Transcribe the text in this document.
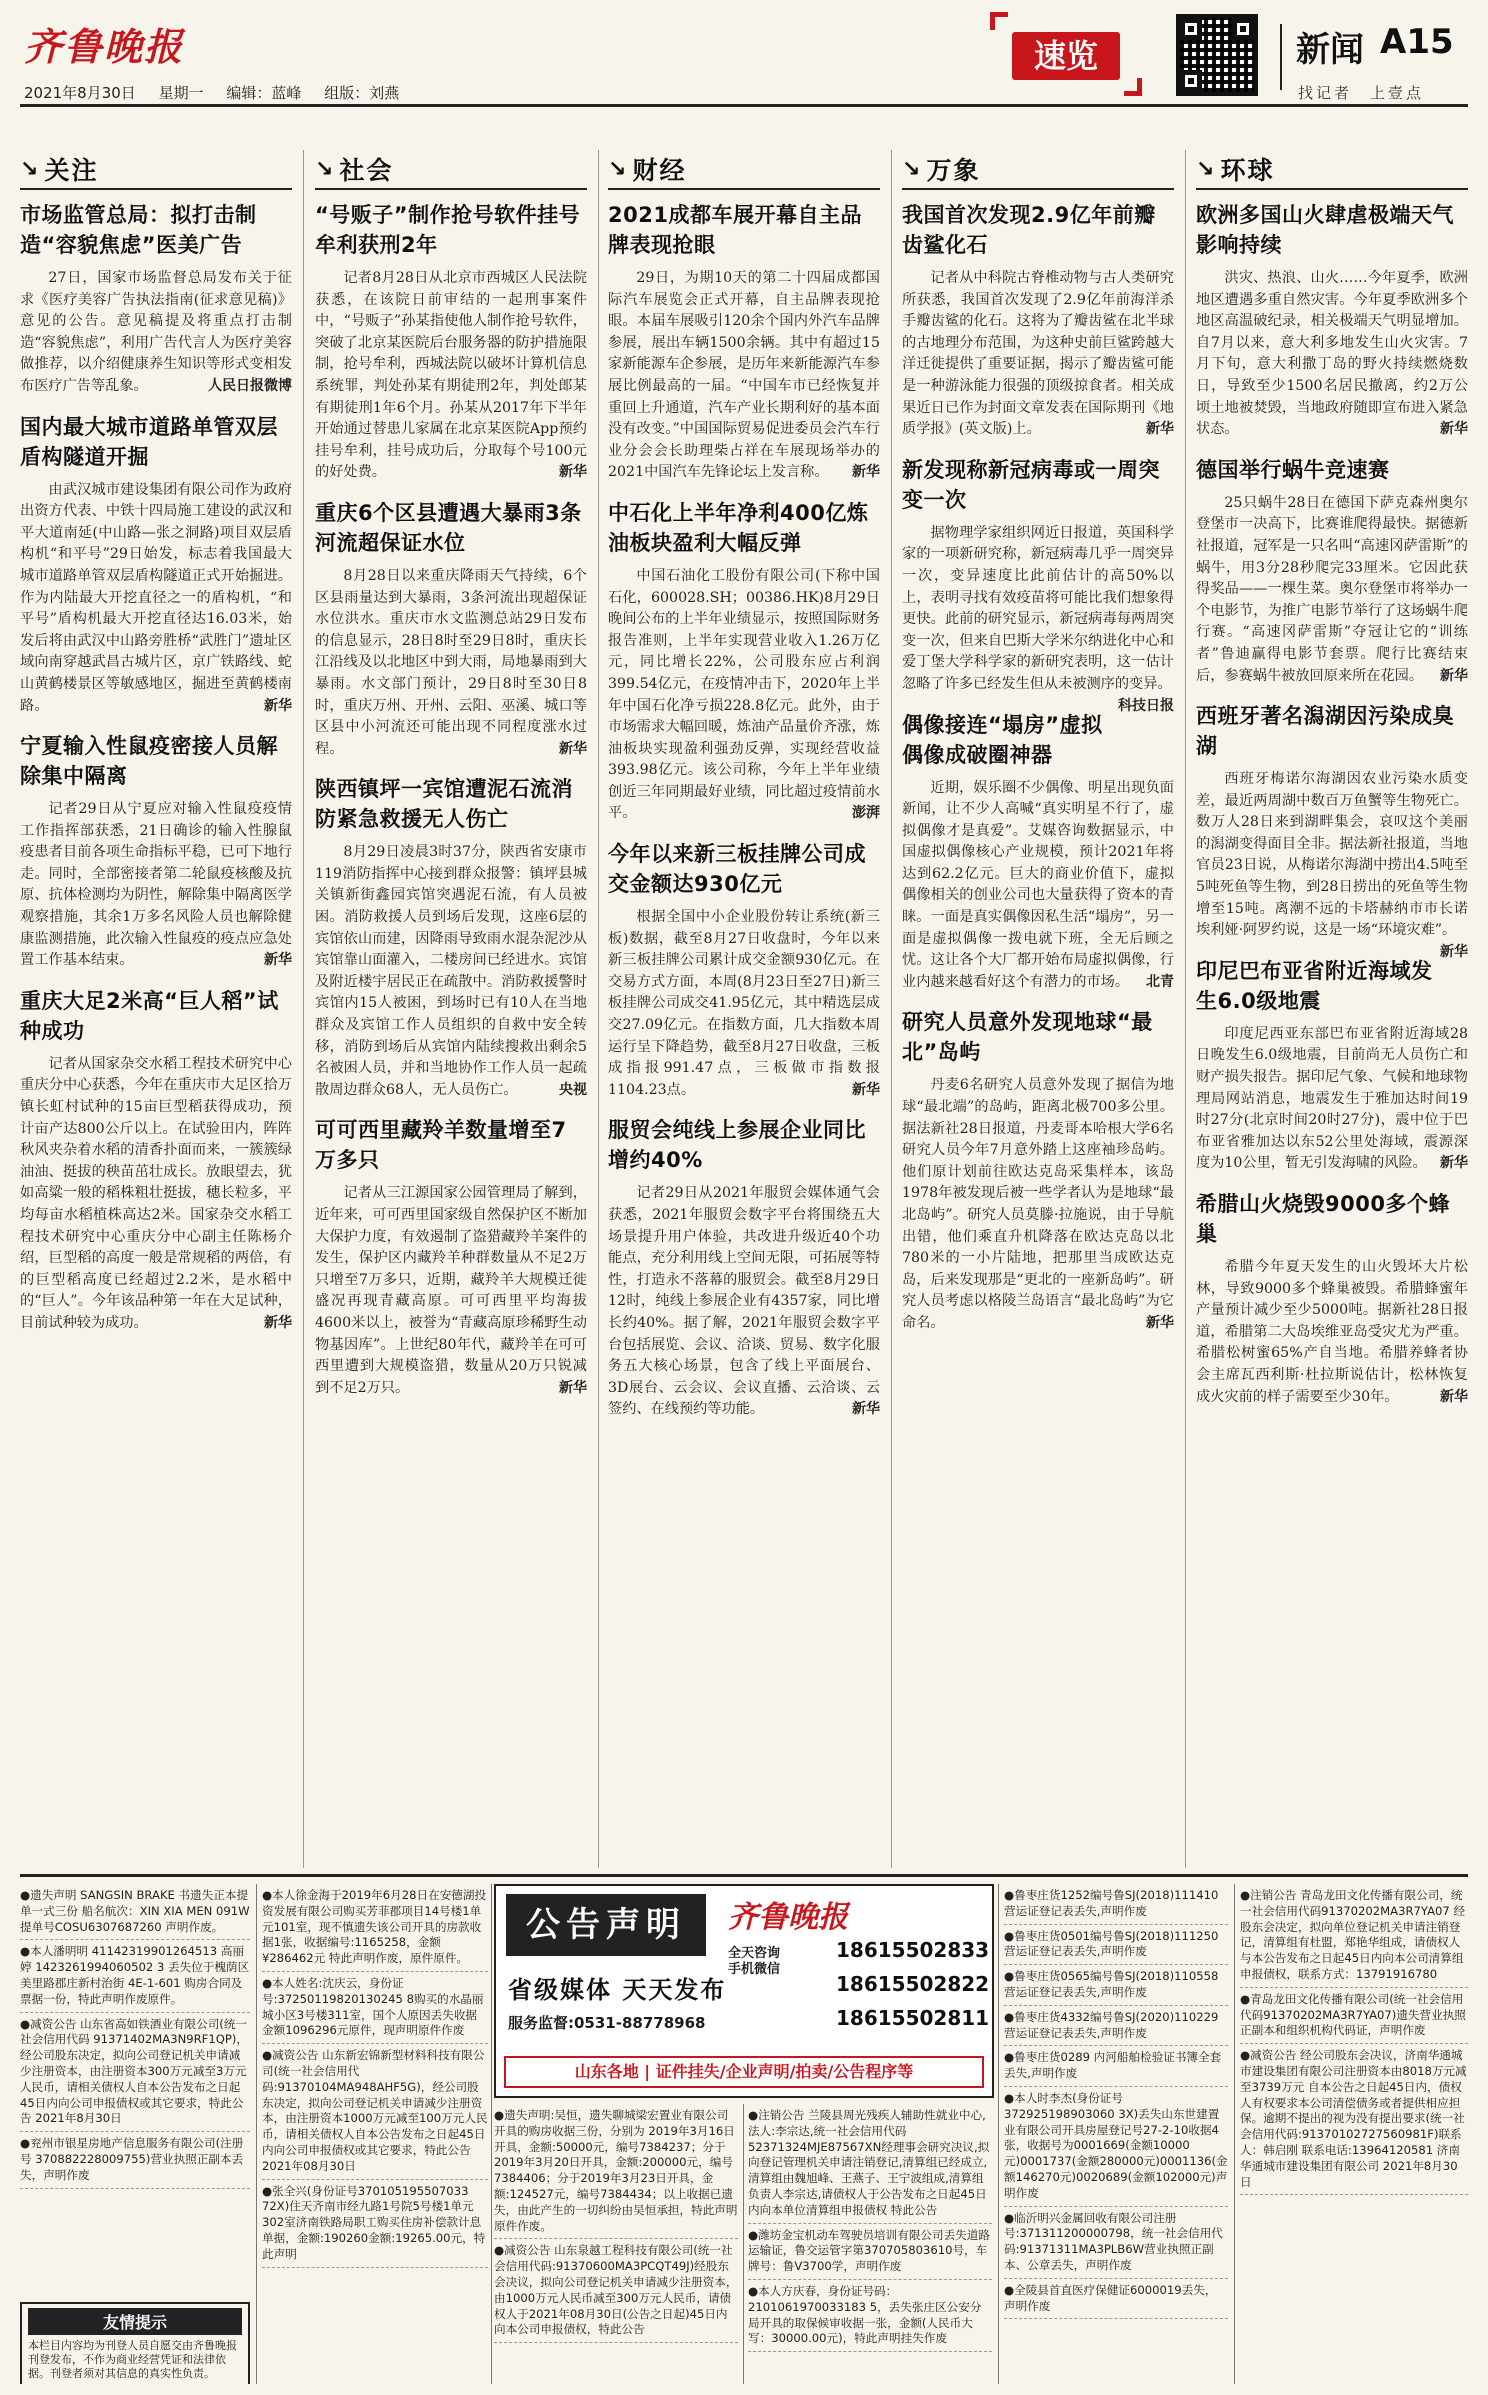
齐鲁晚报
2021年8月30日 星期一 编辑：蓝峰 组版：刘燕
速览	新闻 A15
找记者　上壹点
↘ 关注
市场监管总局：拟打击制造“容貌焦虑”医美广告
27日，国家市场监督总局发布关于征求《医疗美容广告执法指南(征求意见稿)》意见的公告。意见稿提及将重点打击制造“容貌焦虑”，利用广告代言人为医疗美容做推荐，以介绍健康养生知识等形式变相发布医疗广告等乱象。	人民日报微博
国内最大城市道路单管双层盾构隧道开掘
由武汉城市建设集团有限公司作为政府出资方代表、中铁十四局施工建设的武汉和平大道南延(中山路—张之洞路)项目双层盾构机“和平号”29日始发，标志着我国最大城市道路单管双层盾构隧道正式开始掘进。作为内陆最大开挖直径之一的盾构机，“和平号”盾构机最大开挖直径达16.03米，始发后将由武汉中山路旁胜桥“武胜门”遗址区域向南穿越武昌古城片区，京广铁路线、蛇山黄鹤楼景区等敏感地区，掘进至黄鹤楼南路。	新华
宁夏输入性鼠疫密接人员解除集中隔离
记者29日从宁夏应对输入性鼠疫疫情工作指挥部获悉，21日确诊的输入性腺鼠疫患者目前各项生命指标平稳，已可下地行走。同时，全部密接者第二轮鼠疫核酸及抗原、抗体检测均为阴性，解除集中隔离医学观察措施，其余1万多名风险人员也解除健康监测措施，此次输入性鼠疫的疫点应急处置工作基本结束。	新华
重庆大足2米高“巨人稻”试种成功
记者从国家杂交水稻工程技术研究中心重庆分中心获悉，今年在重庆市大足区拾万镇长虹村试种的15亩巨型稻获得成功，预计亩产达800公斤以上。在试验田内，阵阵秋风夹杂着水稻的清香扑面而来，一簇簇绿油油、挺拔的秧苗茁壮成长。放眼望去，犹如高粱一般的稻株粗壮挺拔，穗长粒多，平均每亩水稻植株高达2米。国家杂交水稻工程技术研究中心重庆分中心副主任陈杨介绍，巨型稻的高度一般是常规稻的两倍，有的巨型稻高度已经超过2.2米，是水稻中的“巨人”。今年该品种第一年在大足试种，目前试种较为成功。	新华
↘ 社会
“号贩子”制作抢号软件挂号牟利获刑2年
记者8月28日从北京市西城区人民法院获悉，在该院日前审结的一起刑事案件中，“号贩子”孙某指使他人制作抢号软件，突破了北京某医院后台服务器的防护措施限制，抢号牟利，西城法院以破坏计算机信息系统罪，判处孙某有期徒刑2年，判处郎某有期徒刑1年6个月。孙某从2017年下半年开始通过替患儿家属在北京某医院App预约挂号牟利，挂号成功后，分取每个号100元的好处费。	新华
重庆6个区县遭遇大暴雨3条河流超保证水位
8月28日以来重庆降雨天气持续，6个区县雨量达到大暴雨，3条河流出现超保证水位洪水。重庆市水文监测总站29日发布的信息显示，28日8时至29日8时，重庆长江沿线及以北地区中到大雨，局地暴雨到大暴雨。水文部门预计，29日8时至30日8时，重庆万州、开州、云阳、巫溪、城口等区县中小河流还可能出现不同程度涨水过程。	新华
陕西镇坪一宾馆遭泥石流消防紧急救援无人伤亡
8月29日凌晨3时37分，陕西省安康市119消防指挥中心接到群众报警：镇坪县城关镇新街鑫园宾馆突遇泥石流，有人员被困。消防救援人员到场后发现，这座6层的宾馆依山而建，因降雨导致雨水混杂泥沙从宾馆靠山面灌入，二楼房间已经进水。宾馆及附近楼宇居民正在疏散中。消防救援警时宾馆内15人被困，到场时已有10人在当地群众及宾馆工作人员组织的自救中安全转移，消防到场后从宾馆内陆续搜救出剩余5名被困人员，并和当地协作工作人员一起疏散周边群众68人，无人员伤亡。	央视
可可西里藏羚羊数量增至7万多只
记者从三江源国家公园管理局了解到，近年来，可可西里国家级自然保护区不断加大保护力度，有效遏制了盗猎藏羚羊案件的发生，保护区内藏羚羊种群数量从不足2万只增至7万多只，近期，藏羚羊大规模迁徙盛况再现青藏高原。可可西里平均海拔4600米以上，被誉为“青藏高原珍稀野生动物基因库”。上世纪80年代，藏羚羊在可可西里遭到大规模盗猎，数量从20万只锐减到不足2万只。	新华
↘ 财经
2021成都车展开幕自主品牌表现抢眼
29日，为期10天的第二十四届成都国际汽车展览会正式开幕，自主品牌表现抢眼。本届车展吸引120余个国内外汽车品牌参展，展出车辆1500余辆。其中有超过15家新能源车企参展，是历年来新能源汽车参展比例最高的一届。“中国车市已经恢复并重回上升通道，汽车产业长期利好的基本面没有改变。”中国国际贸易促进委员会汽车行业分会会长助理柴占祥在车展现场举办的2021中国汽车先锋论坛上发言称。 新华
中石化上半年净利400亿炼油板块盈利大幅反弹
中国石油化工股份有限公司(下称中国石化，600028.SH；00386.HK)8月29日晚间公布的上半年业绩显示，按照国际财务报告准则，上半年实现营业收入1.26万亿元，同比增长22%，公司股东应占利润399.54亿元，在疫情冲击下，2020年上半年中国石化净亏损228.8亿元。此外，由于市场需求大幅回暖，炼油产品量价齐涨，炼油板块实现盈利强劲反弹，实现经营收益393.98亿元。该公司称，今年上半年业绩创近三年同期最好业绩，同比超过疫情前水平。	澎湃
今年以来新三板挂牌公司成交金额达930亿元
根据全国中小企业股份转让系统(新三板)数据，截至8月27日收盘时，今年以来新三板挂牌公司累计成交金额930亿元。在交易方式方面，本周(8月23日至27日)新三板挂牌公司成交41.95亿元，其中精选层成交27.09亿元。在指数方面，几大指数本周运行呈下降趋势，截至8月27日收盘，三板成指报991.47点，三板做市指数报1104.23点。	新华
服贸会纯线上参展企业同比增约40%
记者29日从2021年服贸会媒体通气会获悉，2021年服贸会数字平台将围绕五大场景提升用户体验，共改进升级近40个功能点，充分利用线上空间无限，可拓展等特性，打造永不落幕的服贸会。截至8月29日12时，纯线上参展企业有4357家，同比增长约40%。据了解，2021年服贸会数字平台包括展览、会议、洽谈、贸易、数字化服务五大核心场景，包含了线上平面展台、3D展台、云会议、会议直播、云洽谈、云签约、在线预约等功能。	新华
↘ 万象
我国首次发现2.9亿年前瓣齿鲨化石
记者从中科院古脊椎动物与古人类研究所获悉，我国首次发现了2.9亿年前海洋杀手瓣齿鲨的化石。这将为了瓣齿鲨在北半球的古地理分布范围，为这种史前巨鲨跨越大洋迁徙提供了重要证据，揭示了瓣齿鲨可能是一种游泳能力很强的顶级掠食者。相关成果近日已作为封面文章发表在国际期刊《地质学报》(英文版)上。	新华
新发现称新冠病毒或一周突变一次
据物理学家组织网近日报道，英国科学家的一项新研究称，新冠病毒几乎一周突异一次，变异速度比此前估计的高50%以上，表明寻找有效疫苗将可能比我们想象得更快。此前的研究显示，新冠病毒每两周突变一次，但来自巴斯大学米尔纳进化中心和爱丁堡大学科学家的新研究表明，这一估计忽略了许多已经发生但从未被测序的变异。
科技日报
偶像接连“塌房”虚拟偶像成破圈神器
近期，娱乐圈不少偶像、明星出现负面新闻，让不少人高喊“真实明星不行了，虚拟偶像才是真爱”。艾媒咨询数据显示，中国虚拟偶像核心产业规模，预计2021年将达到62.2亿元。巨大的商业价值下，虚拟偶像相关的创业公司也大量获得了资本的青睐。一面是真实偶像因私生活“塌房”，另一面是虚拟偶像一拨电就下班，全无后顾之忧。这让各个大厂都开始布局虚拟偶像，行业内越来越看好这个有潜力的市场。 北青
研究人员意外发现地球“最北”岛屿
丹麦6名研究人员意外发现了据信为地球“最北端”的岛屿，距离北极700多公里。据法新社28日报道，丹麦哥本哈根大学6名研究人员今年7月意外踏上这座袖珍岛屿。他们原计划前往欧达克岛采集样本，该岛1978年被发现后被一些学者认为是地球“最北岛屿”。研究人员莫滕·拉施说，由于导航出错，他们乘直升机降落在欧达克岛以北780米的一小片陆地，把那里当成欧达克岛，后来发现那是“更北的一座新岛屿”。研究人员考虑以格陵兰岛语言“最北岛屿”为它命名。	新华
↘ 环球
欧洲多国山火肆虐极端天气影响持续
洪灾、热浪、山火……今年夏季，欧洲地区遭遇多重自然灾害。今年夏季欧洲多个地区高温破纪录，相关极端天气明显增加。自7月以来，意大利多地发生山火灾害。7月下旬，意大利撒丁岛的野火持续燃烧数日，导致至少1500名居民撤离，约2万公顷土地被焚毁，当地政府随即宣布进入紧急状态。	新华
德国举行蜗牛竞速赛
25只蜗牛28日在德国下萨克森州奥尔登堡市一决高下，比赛谁爬得最快。据德新社报道，冠军是一只名叫“高速冈萨雷斯”的蜗牛，用3分28秒爬完33厘米。它因此获得奖品——一棵生菜。奥尔登堡市将举办一个电影节，为推广电影节举行了这场蜗牛爬行赛。“高速冈萨雷斯”夺冠让它的“训练者”鲁迪赢得电影节套票。爬行比赛结束后，参赛蜗牛被放回原来所在花园。 新华
西班牙著名潟湖因污染成臭湖
西班牙梅诺尔海湖因农业污染水质变差，最近两周湖中数百万鱼蟹等生物死亡。数万人28日来到湖畔集会，哀叹这个美丽的潟湖变得面目全非。据法新社报道，当地官员23日说，从梅诺尔海湖中捞出4.5吨至5吨死鱼等生物，到28日捞出的死鱼等生物增至15吨。离潮不远的卡塔赫纳市市长诺埃利娅·阿罗约说，这是一场“环境灾难”。
新华
印尼巴布亚省附近海域发生6.0级地震
印度尼西亚东部巴布亚省附近海域28日晚发生6.0级地震，目前尚无人员伤亡和财产损失报告。据印尼气象、气候和地球物理局网站消息，地震发生于雅加达时间19时27分(北京时间20时27分)，震中位于巴布亚省雅加达以东52公里处海域，震源深度为10公里，暂无引发海啸的风险。 新华
希腊山火烧毁9000多个蜂巢
希腊今年夏天发生的山火毁坏大片松林，导致9000多个蜂巢被毁。希腊蜂蜜年产量预计减少至少5000吨。据新社28日报道，希腊第二大岛埃维亚岛受灾尤为严重。希腊松树蜜65%产自当地。希腊养蜂者协会主席瓦西利斯·杜拉斯说估计，松林恢复成火灾前的样子需要至少30年。	新华
●遗失声明 SANGSIN BRAKE 书遗失正本提单一式三份 船名航次：XIN XIA MEN 091W 提单号COSU6307687260 声明作废。
●本人潘明明 41142319901264513 高丽婷 1423261994060502 3 丢失位于槐荫区美里路郡庄新村治街 4E-1-601 购房合同及票据一份，特此声明作废原件。
●减资公告 山东省高如铁酒业有限公司(统一社会信用代码 91371402MA3N9RF1QP)，经公司股东决定，拟向公司登记机关申请减少注册资本，由注册资本300万元减至3万元人民币，请相关债权人自本公告发布之日起45日内向公司申报债权或其它要求，特此公告 2021年8月30日
●兖州市银星房地产信息服务有限公司(注册号 370882228009755)营业执照正副本丢失，声明作废
●本人徐金海于2019年6月28日在安德湖投资发展有限公司购买芳菲郡项目14号楼1单元101室，现不慎遗失该公司开具的房款收据1张，收据编号:1165258，金额¥286462元 特此声明作废，原件原件。
●本人姓名:沈庆云，身份证号:37250119820130245 8购买的水晶丽城小区3号楼311室，国个人原因丢失收据金额1096296元原件，现声明原件作废
●减资公告 山东新宏锦新型材料科技有限公司(统一社会信用代码:91370104MA948AHF5G)，经公司股东决定，拟向公司登记机关申请减少注册资本，由注册资本1000万元减至100万元人民币，请相关债权人自本公告发布之日起45日内向公司申报债权或其它要求，特此公告 2021年08月30日
●张全兴(身份证号370105195507033 72X)住天齐南市经九路1号院5号楼1单元302室济南铁路局职工购买住房补偿款计息单据，金额:190260金额:19265.00元，特此声明
公告声明	齐鲁晚报
省级媒体 天天发布
全天咨询
手机微信
18615502833
18615502822
18615502811
服务监督:0531-88778968
山东各地 | 证件挂失/企业声明/拍卖/公告程序等
●遗失声明:吴恒，遗失聊城梁宏置业有限公司开具的购房收据三份，分别为 2019年3月16日开具，金额:50000元，编号7384237；分于2019年3月20日开具，金额:200000元，编号7384406；分于2019年3月23日开具，金额:124527元，编号7384434；以上收据已遗失，由此产生的一切纠纷由吴恒承担，特此声明原件作废。
●减资公告 山东泉越工程科技有限公司(统一社会信用代码:91370600MA3PCQT49J)经股东会决议，拟向公司登记机关申请减少注册资本，由1000万元人民币减至300万元人民币，请债权人于2021年08月30日(公告之日起)45日内向本公司申报债权，特此公告
●注销公告 兰陵县周光残疾人辅助性就业中心,法人:李宗达,统一社会信用代码 52371324MJE87567XN经理事会研究决议,拟向登记管理机关申请注销登记,清算组已经成立,清算组由魏旭峰、王燕子、王宁波组成,清算组负责人李宗达,请债权人于公告发布之日起45日内向本单位清算组申报债权 特此公告
●潍坊金宝机动车驾驶员培训有限公司丢失道路运输证，鲁交运管字第370705803610号，车牌号：鲁V3700学，声明作废
●本人方庆春，身份证号码：2101061970033183 5，丢失张庄区公安分局开具的取保候审收据一张，金额(人民币大写：30000.00元)，特此声明挂失作废
●鲁枣庄货1252编号鲁SJ(2018)111410营运证登记表丢失,声明作废
●鲁枣庄货0501编号鲁SJ(2018)111250营运证登记表丢失,声明作废
●鲁枣庄货0565编号鲁SJ(2018)110558营运证登记表丢失,声明作废
●鲁枣庄货4332编号鲁SJ(2020)110229营运证登记表丢失,声明作废
●鲁枣庄货0289 内河船舶检验证书簿全套丢失,声明作废
●本人时李杰(身份证号372925198903060 3X)丢失山东世建置业有限公司开具房屋登记号27-2-10收据4张，收据号为0001669(金额10000元)0001737(金额280000元)0001136(金额146270元)0020689(金额102000元)声明作废
●临沂明兴金属回收有限公司注册号:371311200000798，统一社会信用代码:91371311MA3PLB6W营业执照正副本、公章丢失，声明作废
●全陵县首直医疗保健证6000019丢失，声明作废
●注销公告 青岛龙田文化传播有限公司，统一社会信用代码91370202MA3R7YA07 经股东会决定，拟向单位登记机关申请注销登记，清算组有杜盟，郑艳华组成，请债权人与本公告发布之日起45日内向本公司清算组申报债权，联系方式：13791916780
●青岛龙田文化传播有限公司(统一社会信用代码91370202MA3R7YA07)遗失营业执照正副本和组织机构代码证，声明作废
●减资公告 经公司股东会决议，济南华通城市建设集团有限公司注册资本由8018万元减至3739万元 自本公告之日起45日内，债权人有权要求本公司清偿债务或者提供相应担保。逾期不提出的视为没有提出要求(统一社会信用代码:91370102727560981F)联系人：韩启刚 联系电话:13964120581 济南华通城市建设集团有限公司 2021年8月30日
友情提示
本栏目内容均为刊登人员自愿交由齐鲁晚报刊登发布，不作为商业经营凭证和法律依据。刊登者须对其信息的真实性负责。
